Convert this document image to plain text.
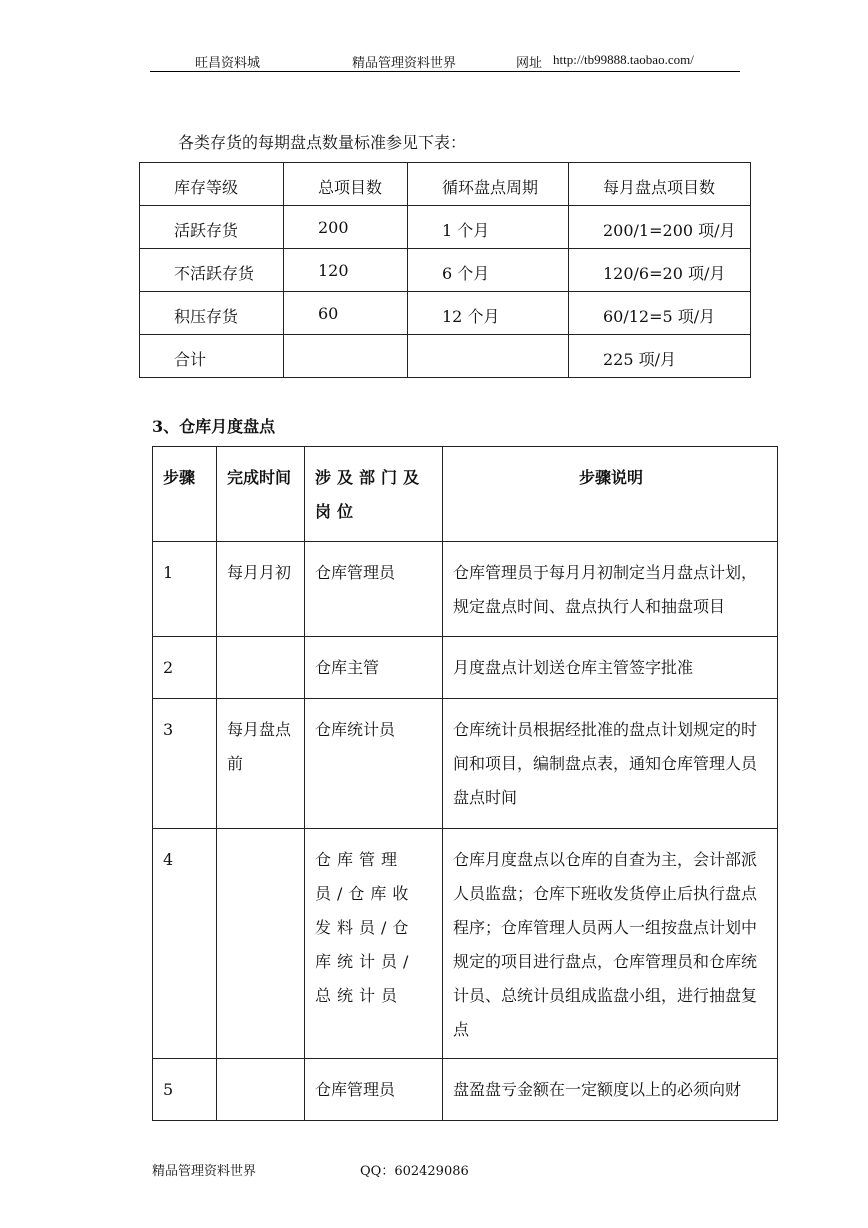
旺昌资料城	精品管理资料世界	网址 http://tb99888.taobao.com/
各类存货的每期盘点数量标准参见下表：
库存等级	总项目数	循环盘点周期	每月盘点项目数
活跃存货	200	1 个月	200/1=200 项/月
不活跃存货	120	6 个月	120/6=20 项/月
积压存货	60	12 个月	60/12=5 项/月
合计			225 项/月
3、仓库月度盘点
步骤	完成时间	涉及部门及岗位	步骤说明
1	每月月初	仓库管理员	仓库管理员于每月月初制定当月盘点计划，规定盘点时间、盘点执行人和抽盘项目
2		仓库主管	月度盘点计划送仓库主管签字批准
3	每月盘点前	仓库统计员	仓库统计员根据经批准的盘点计划规定的时间和项目，编制盘点表，通知仓库管理人员盘点时间
4		仓库管理员/仓库收发料员/仓库统计员/总统计员	仓库月度盘点以仓库的自查为主，会计部派人员监盘；仓库下班收发货停止后执行盘点程序；仓库管理人员两人一组按盘点计划中规定的项目进行盘点，仓库管理员和仓库统计员、总统计员组成监盘小组，进行抽盘复点
5		仓库管理员	盘盈盘亏金额在一定额度以上的必须向财
精品管理资料世界	QQ：602429086
